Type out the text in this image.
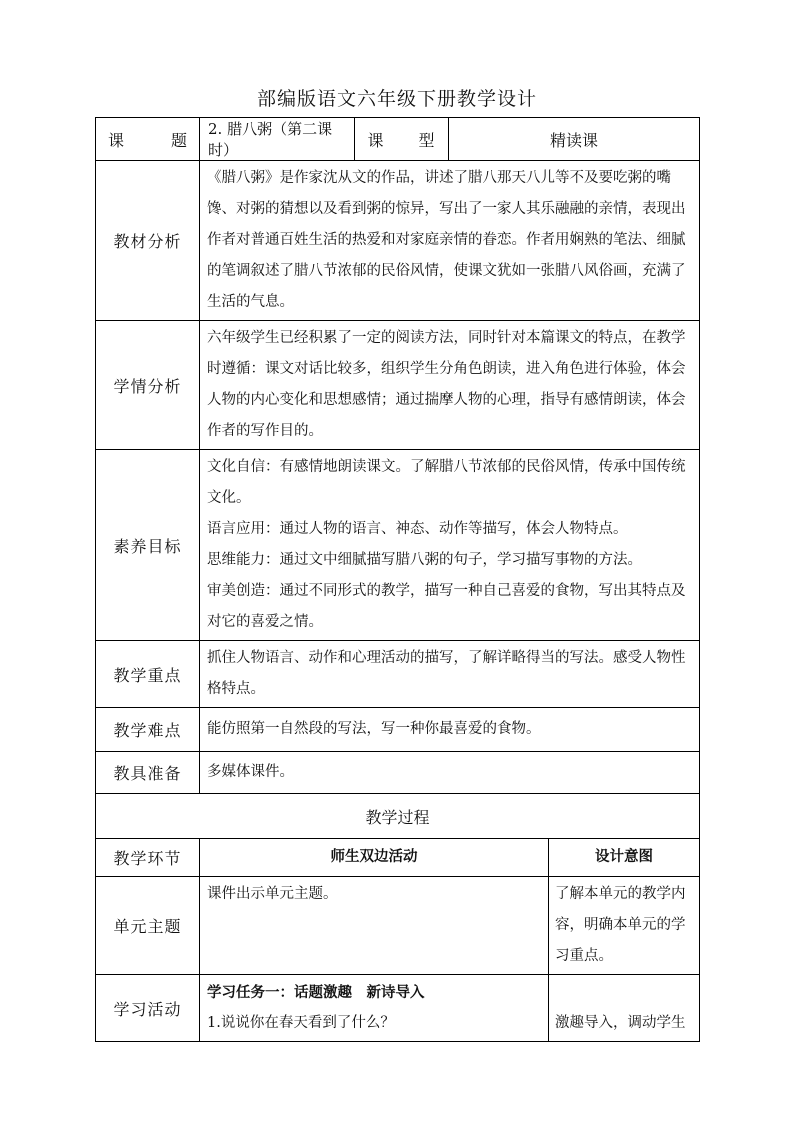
部编版语文六年级下册教学设计
课　　题	2. 腊八粥（第二课时）	课　　型	精读课	
教材分析	《腊八粥》是作家沈从文的作品，讲述了腊八那天八儿等不及要吃粥的嘴馋、对粥的猜想以及看到粥的惊异，写出了一家人其乐融融的亲情，表现出作者对普通百姓生活的热爱和对家庭亲情的眷恋。作者用娴熟的笔法、细腻的笔调叙述了腊八节浓郁的民俗风情，使课文犹如一张腊八风俗画，充满了生活的气息。			
学情分析	六年级学生已经积累了一定的阅读方法，同时针对本篇课文的特点，在教学时遵循：课文对话比较多，组织学生分角色朗读，进入角色进行体验，体会人物的内心变化和思想感情；通过揣摩人物的心理，指导有感情朗读，体会作者的写作目的。			
素养目标	文化自信：有感情地朗读课文。了解腊八节浓郁的民俗风情，传承中国传统文化。

语言应用：通过人物的语言、神态、动作等描写，体会人物特点。

思维能力：通过文中细腻描写腊八粥的句子，学习描写事物的方法。

审美创造：通过不同形式的教学，描写一种自己喜爱的食物，写出其特点及对它的喜爱之情。			

教学重点	抓住人物语言、动作和心理活动的描写，了解详略得当的写法。感受人物性格特点。			
教学难点	能仿照第一自然段的写法，写一种你最喜爱的食物。			
教具准备	多媒体课件。			
教学过程				
教学环节	师生双边活动			设计意图
单元主题	课件出示单元主题。			了解本单元的教学内容，明确本单元的学习重点。
学习活动	学习任务一：话题激趣　新诗导入

1.说说你在春天看到了什么？			激趣导入，调动学生
